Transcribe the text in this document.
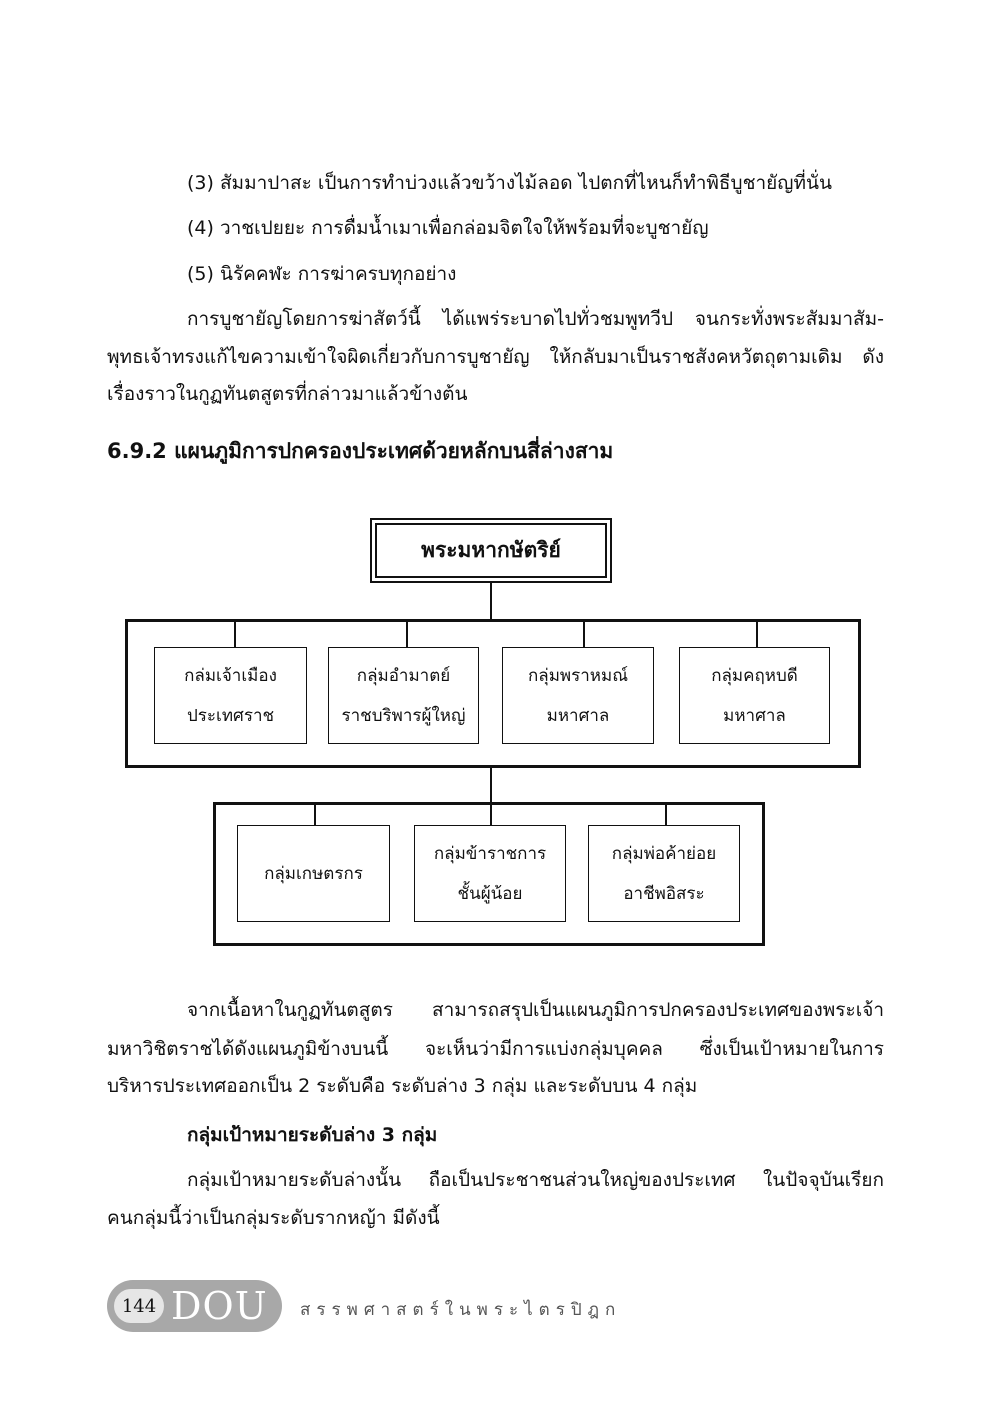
(3) สัมมาปาสะ เป็นการทำบ่วงแล้วขว้างไม้ลอด ไปตกที่ไหนก็ทำพิธีบูชายัญที่นั่น
(4) วาชเปยยะ การดื่มน้ำเมาเพื่อกล่อมจิตใจให้พร้อมที่จะบูชายัญ
(5) นิรัคคฬะ การฆ่าครบทุกอย่าง
การบูชายัญโดยการฆ่าสัตว์นี้ ได้แพร่ระบาดไปทั่วชมพูทวีป จนกระทั่งพระสัมมาสัม-
พุทธเจ้าทรงแก้ไขความเข้าใจผิดเกี่ยวกับการบูชายัญ ให้กลับมาเป็นราชสังคหวัตถุตามเดิม ดัง
เรื่องราวในกูฏทันตสูตรที่กล่าวมาแล้วข้างต้น
6.9.2 แผนภูมิการปกครองประเทศด้วยหลักบนสี่ล่างสาม
พระมหากษัตริย์
กล่มเจ้าเมือง
ประเทศราช
กลุ่มอำมาตย์
ราชบริพารผู้ใหญ่
กลุ่มพราหมณ์
มหาศาล
กลุ่มคฤหบดี
มหาศาล
กลุ่มเกษตรกร
กลุ่มข้าราชการ
ชั้นผู้น้อย
กลุ่มพ่อค้าย่อย
อาชีพอิสระ
จากเนื้อหาในกูฏทันตสูตร สามารถสรุปเป็นแผนภูมิการปกครองประเทศของพระเจ้า
มหาวิชิตราชได้ดังแผนภูมิข้างบนนี้ จะเห็นว่ามีการแบ่งกลุ่มบุคคล ซึ่งเป็นเป้าหมายในการ
บริหารประเทศออกเป็น 2 ระดับคือ ระดับล่าง 3 กลุ่ม และระดับบน 4 กลุ่ม
กลุ่มเป้าหมายระดับล่าง 3 กลุ่ม
กลุ่มเป้าหมายระดับล่างนั้น ถือเป็นประชาชนส่วนใหญ่ของประเทศ ในปัจจุบันเรียก
คนกลุ่มนี้ว่าเป็นกลุ่มระดับรากหญ้า มีดังนี้
144 DOU สรรพศาสตร์ในพระไตรปิฎก
